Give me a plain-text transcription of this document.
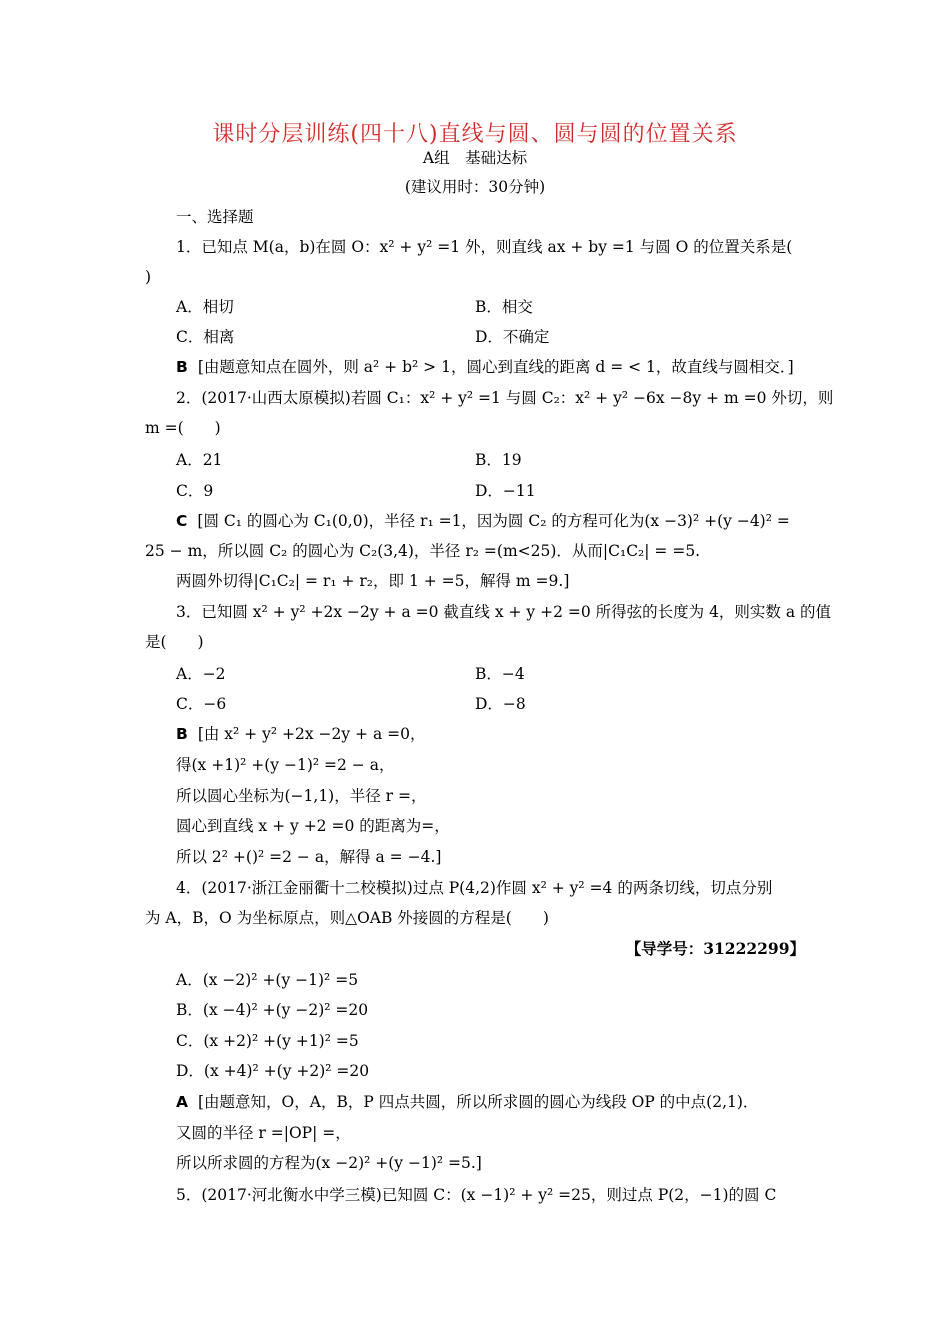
课时分层训练(四十八)直线与圆、圆与圆的位置关系
A组　基础达标
(建议用时：30分钟)
一、选择题
1．已知点 M(a，b)在圆 O：x² + y² =1 外，则直线 ax + by =1 与圆 O 的位置关系是(
)
A．相切	B．相交
C．相离	D．不确定
B [由题意知点在圆外，则 a² + b² > 1，圆心到直线的距离 d = < 1，故直线与圆相交．]
2．(2017·山西太原模拟)若圆 C₁：x² + y² =1 与圆 C₂：x² + y² −6x −8y + m =0 外切，则
m =(　　)
A．21	B．19
C．9	D．−11
C [圆 C₁ 的圆心为 C₁(0,0)，半径 r₁ =1，因为圆 C₂ 的方程可化为(x −3)² +(y −4)² =
25 − m，所以圆 C₂ 的圆心为 C₂(3,4)，半径 r₂ =(m<25)．从而|C₁C₂| = =5.
两圆外切得|C₁C₂| = r₁ + r₂，即 1 + =5，解得 m =9.]
3．已知圆 x² + y² +2x −2y + a =0 截直线 x + y +2 =0 所得弦的长度为 4，则实数 a 的值
是(　　)
A．−2	B．−4
C．−6	D．−8
B [由 x² + y² +2x −2y + a =0，
得(x +1)² +(y −1)² =2 − a，
所以圆心坐标为(−1,1)，半径 r =，
圆心到直线 x + y +2 =0 的距离为=，
所以 2² +()² =2 − a，解得 a = −4.]
4．(2017·浙江金丽衢十二校模拟)过点 P(4,2)作圆 x² + y² =4 的两条切线，切点分别
为 A，B，O 为坐标原点，则△OAB 外接圆的方程是(　　)
【导学号：31222299】
A．(x −2)² +(y −1)² =5
B．(x −4)² +(y −2)² =20
C．(x +2)² +(y +1)² =5
D．(x +4)² +(y +2)² =20
A [由题意知，O，A，B，P 四点共圆，所以所求圆的圆心为线段 OP 的中点(2,1)．
又圆的半径 r =|OP| =，
所以所求圆的方程为(x −2)² +(y −1)² =5.]
5．(2017·河北衡水中学三模)已知圆 C：(x −1)² + y² =25，则过点 P(2，−1)的圆 C
